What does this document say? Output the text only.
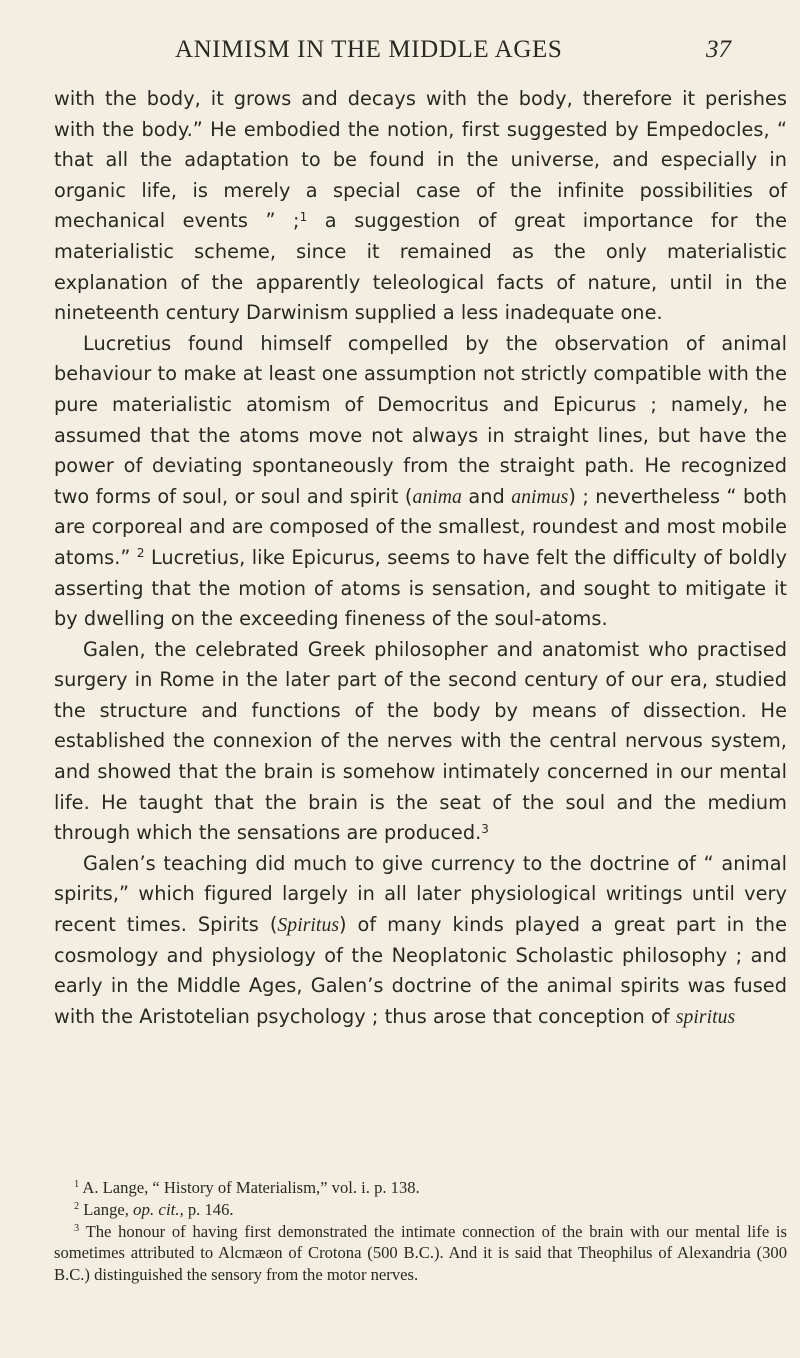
ANIMISM IN THE MIDDLE AGES	37

with the body, it grows and decays with the body, therefore it perishes with the body.” He embodied the notion, first suggested by Empedocles, “ that all the adaptation to be found in the universe, and especially in organic life, is merely a special case of the infinite possibilities of mechanical events ” ;$^1$ a suggestion of great importance for the materialistic scheme, since it remained as the only materialistic explanation of the apparently teleological facts of nature, until in the nineteenth century Darwinism supplied a less inadequate one.

Lucretius found himself compelled by the observation of animal behaviour to make at least one assumption not strictly compatible with the pure materialistic atomism of Democritus and Epicurus ; namely, he assumed that the atoms move not always in straight lines, but have the power of deviating spontaneously from the straight path. He recognized two forms of soul, or soul and spirit (anima and animus) ; nevertheless “ both are corporeal and are composed of the smallest, roundest and most mobile atoms.” $^2$ Lucretius, like Epicurus, seems to have felt the difficulty of boldly asserting that the motion of atoms is sensation, and sought to mitigate it by dwelling on the exceeding fineness of the soul-atoms.

Galen, the celebrated Greek philosopher and anatomist who practised surgery in Rome in the later part of the second century of our era, studied the structure and functions of the body by means of dissection. He established the connexion of the nerves with the central nervous system, and showed that the brain is somehow intimately concerned in our mental life. He taught that the brain is the seat of the soul and the medium through which the sensations are produced.$^3$

Galen’s teaching did much to give currency to the doctrine of “ animal spirits,” which figured largely in all later physiological writings until very recent times. Spirits (Spiritus) of many kinds played a great part in the cosmology and physiology of the Neoplatonic Scholastic philosophy ; and early in the Middle Ages, Galen’s doctrine of the animal spirits was fused with the Aristotelian psychology ; thus arose that conception of spiritus

$^1$ A. Lange, “ History of Materialism,” vol. i. p. 138.

$^2$ Lange, op. cit., p. 146.

$^3$ The honour of having first demonstrated the intimate connection of the brain with our mental life is sometimes attributed to Alcmæon of Crotona (500 B.C.). And it is said that Theophilus of Alexandria (300 B.C.) distinguished the sensory from the motor nerves.
